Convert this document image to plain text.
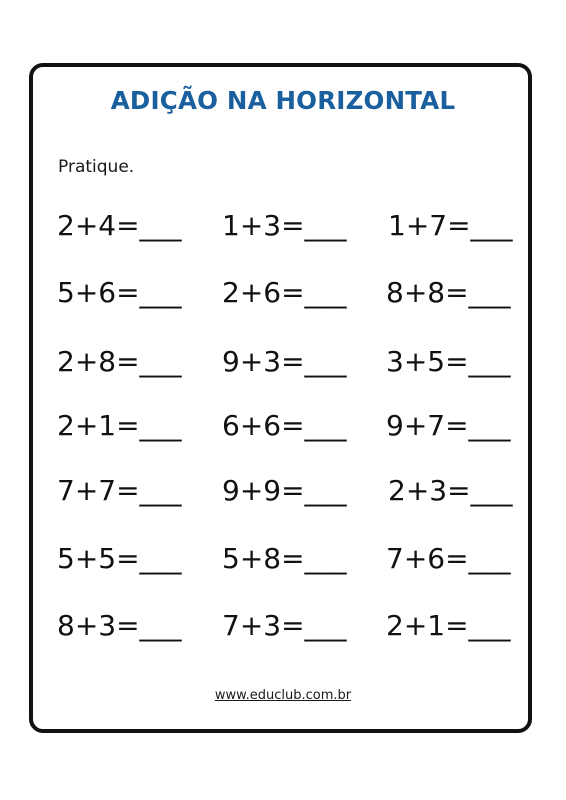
ADIÇÃO NA HORIZONTAL

Pratique.

2+4=___ 1+3=___ 1+7=___
5+6=___ 2+6=___ 8+8=___
2+8=___ 9+3=___ 3+5=___
2+1=___ 6+6=___ 9+7=___
7+7=___ 9+9=___ 2+3=___
5+5=___ 5+8=___ 7+6=___
8+3=___ 7+3=___ 2+1=___
www.educlub.com.br
